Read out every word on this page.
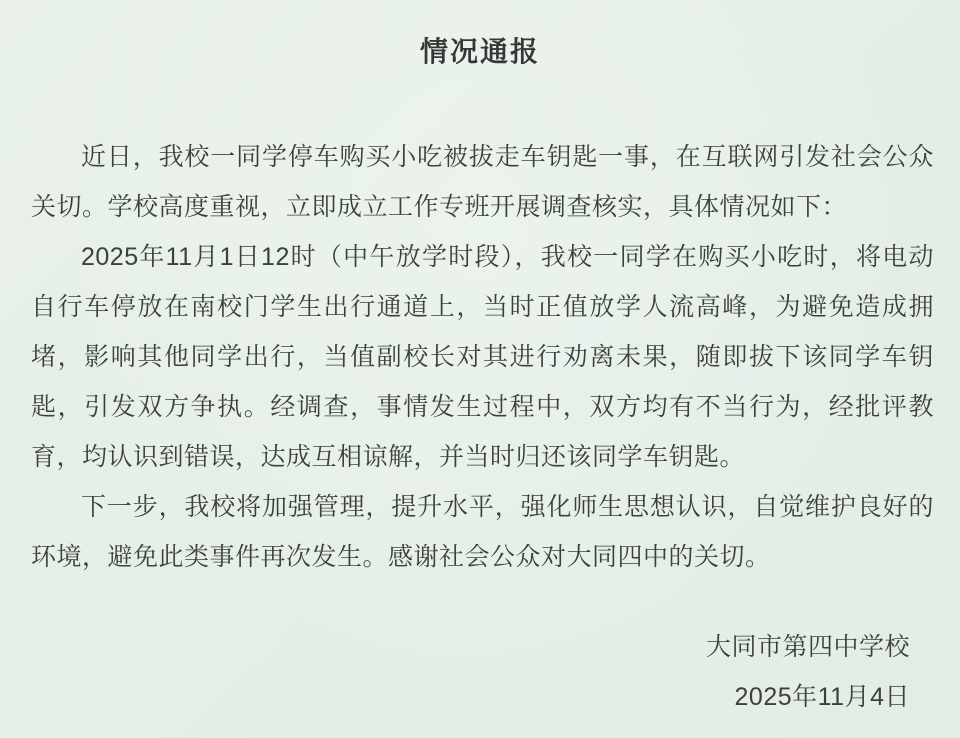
情况通报

近日，我校一同学停车购买小吃被拔走车钥匙一事，在互联网引发社会公众关切。学校高度重视，立即成立工作专班开展调查核实，具体情况如下：

2025年11月1日12时（中午放学时段），我校一同学在购买小吃时，将电动自行车停放在南校门学生出行通道上，当时正值放学人流高峰，为避免造成拥堵，影响其他同学出行，当值副校长对其进行劝离未果，随即拔下该同学车钥匙，引发双方争执。经调查，事情发生过程中，双方均有不当行为，经批评教育，均认识到错误，达成互相谅解，并当时归还该同学车钥匙。

下一步，我校将加强管理，提升水平，强化师生思想认识，自觉维护良好的环境，避免此类事件再次发生。感谢社会公众对大同四中的关切。

大同市第四中学校
2025年11月4日
